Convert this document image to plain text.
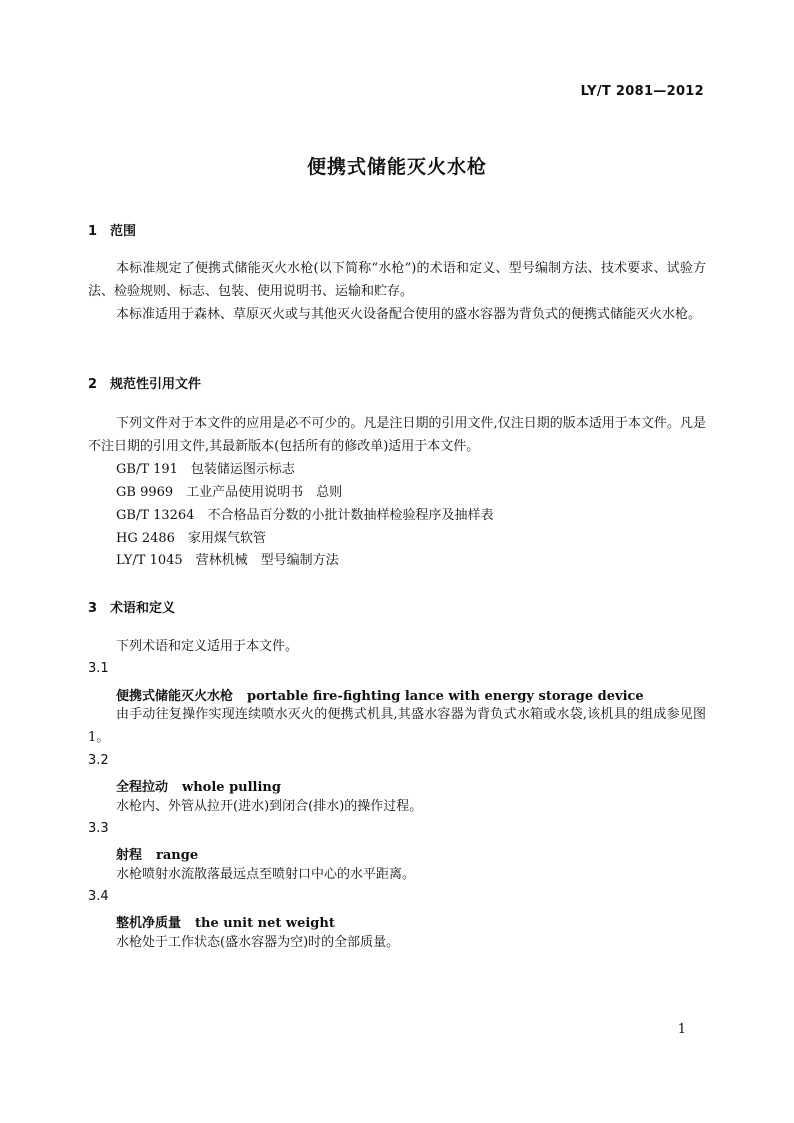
LY/T 2081—2012
便携式储能灭火水枪
1 范围
本标准规定了便携式储能灭火水枪(以下简称“水枪”)的术语和定义、型号编制方法、技术要求、试验方法、检验规则、标志、包装、使用说明书、运输和贮存。
本标准适用于森林、草原灭火或与其他灭火设备配合使用的盛水容器为背负式的便携式储能灭火水枪。
2 规范性引用文件
下列文件对于本文件的应用是必不可少的。凡是注日期的引用文件,仅注日期的版本适用于本文件。凡是不注日期的引用文件,其最新版本(包括所有的修改单)适用于本文件。
GB/T 191　包装储运图示标志
GB 9969　工业产品使用说明书　总则
GB/T 13264　不合格品百分数的小批计数抽样检验程序及抽样表
HG 2486　家用煤气软管
LY/T 1045　营林机械　型号编制方法
3 术语和定义
下列术语和定义适用于本文件。
3.1
便携式储能灭火水枪 portable fire-fighting lance with energy storage device
由手动往复操作实现连续喷水灭火的便携式机具,其盛水容器为背负式水箱或水袋,该机具的组成参见图 1。
3.2
全程拉动 whole pulling
水枪内、外管从拉开(进水)到闭合(排水)的操作过程。
3.3
射程 range
水枪喷射水流散落最远点至喷射口中心的水平距离。
3.4
整机净质量 the unit net weight
水枪处于工作状态(盛水容器为空)时的全部质量。
1
